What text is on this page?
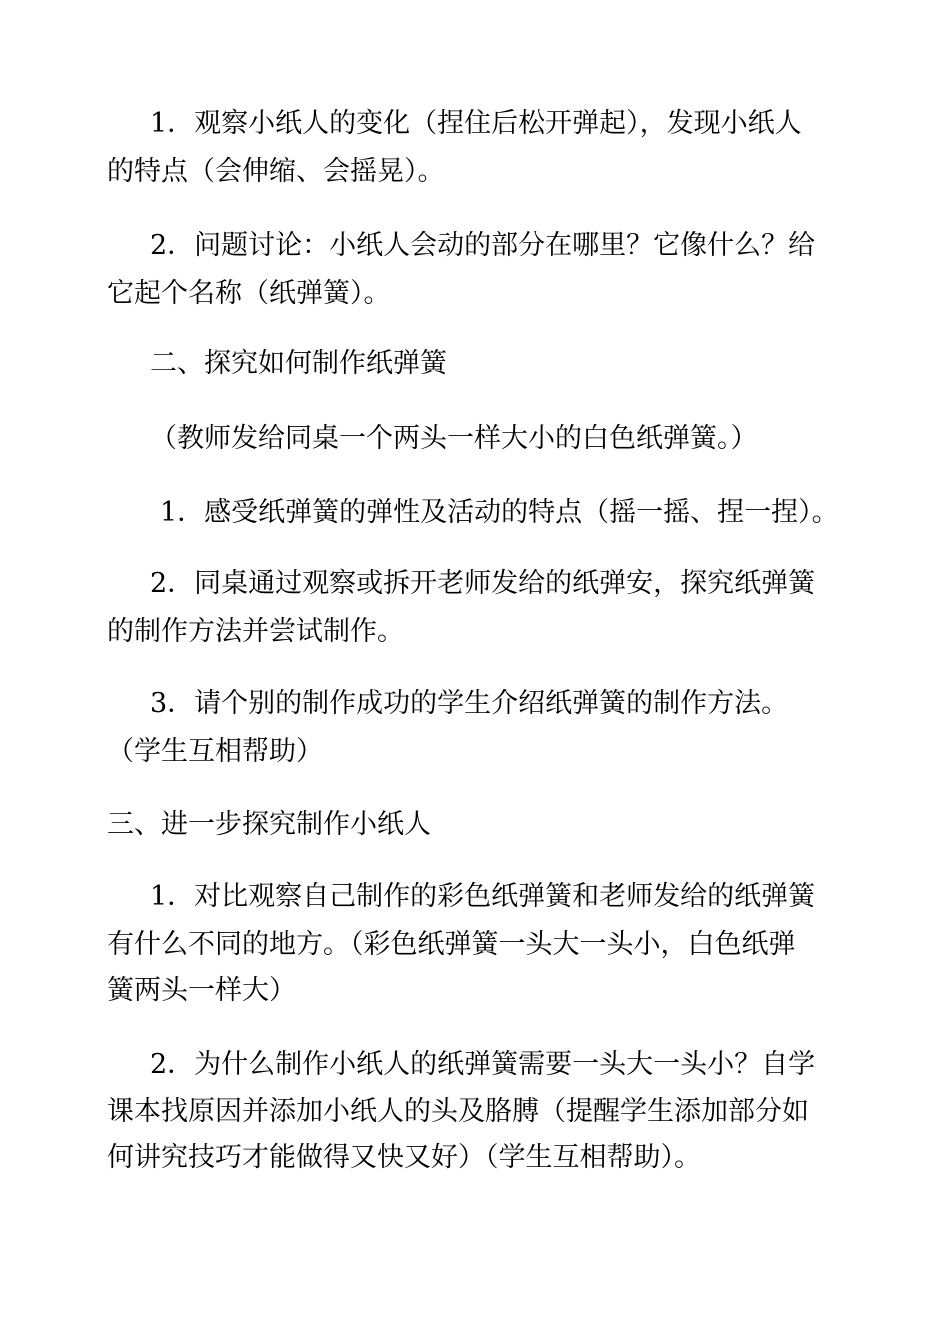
1．观察小纸人的变化（捏住后松开弹起），发现小纸人
的特点（会伸缩、会摇晃）。
2．问题讨论：小纸人会动的部分在哪里？它像什么？给
它起个名称（纸弹簧）。
二、探究如何制作纸弹簧
（教师发给同桌一个两头一样大小的白色纸弹簧。）
1．感受纸弹簧的弹性及活动的特点（摇一摇、捏一捏）。
2．同桌通过观察或拆开老师发给的纸弹安，探究纸弹簧
的制作方法并尝试制作。
3．请个别的制作成功的学生介绍纸弹簧的制作方法。
（学生互相帮助）
三、进一步探究制作小纸人
1．对比观察自己制作的彩色纸弹簧和老师发给的纸弹簧
有什么不同的地方。（彩色纸弹簧一头大一头小，白色纸弹
簧两头一样大）
2．为什么制作小纸人的纸弹簧需要一头大一头小？自学
课本找原因并添加小纸人的头及胳膊（提醒学生添加部分如
何讲究技巧才能做得又快又好）（学生互相帮助）。
